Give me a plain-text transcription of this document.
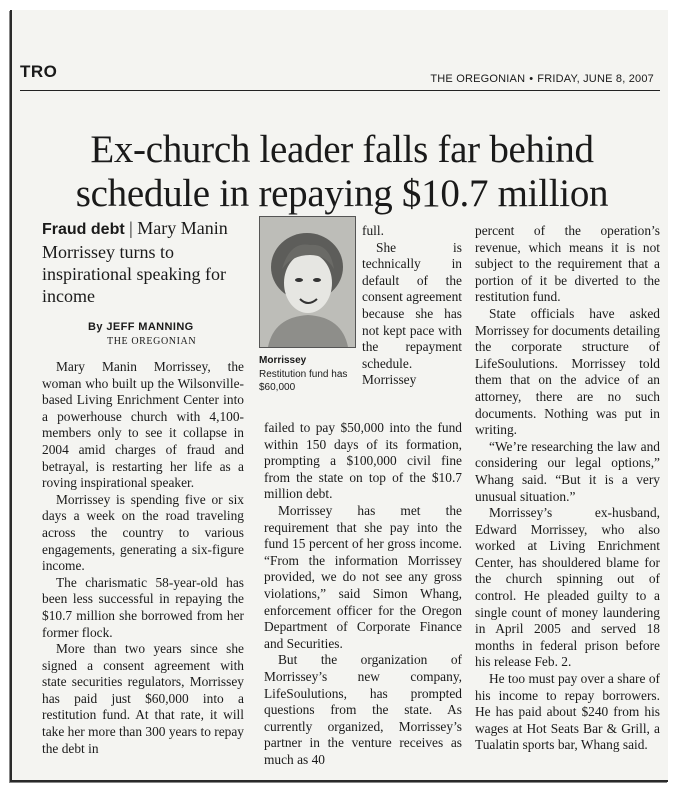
TRO	THE OREGONIAN • FRIDAY, JUNE 8, 2007
Ex-church leader falls far behind schedule in repaying $10.7 million
Fraud debt | Mary Manin Morrissey turns to inspirational speaking for income
By JEFF MANNING
THE OREGONIAN
Morrissey
Restitution fund has $60,000

Mary Manin Morrissey, the woman who built up the Wilsonville-based Living Enrichment Center into a powerhouse church with 4,100-members only to see it collapse in 2004 amid charges of fraud and betrayal, is restarting her life as a roving inspirational speaker.

Morrissey is spending five or six days a week on the road traveling across the country to various engagements, generating a six-figure income.

The charismatic 58-year-old has been less successful in repaying the $10.7 million she borrowed from her former flock.

More than two years since she signed a consent agreement with state securities regulators, Morrissey has paid just $60,000 into a restitution fund. At that rate, it will take her more than 300 years to repay the debt in

full.

She is technically in default of the consent agreement because she has not kept pace with the repayment schedule. Morrissey

failed to pay $50,000 into the fund within 150 days of its formation, prompting a $100,000 civil fine from the state on top of the $10.7 million debt.

Morrissey has met the requirement that she pay into the fund 15 percent of her gross income. “From the information Morrissey provided, we do not see any gross violations,” said Simon Whang, enforcement officer for the Oregon Department of Corporate Finance and Securities.

But the organization of Morrissey’s new company, LifeSoulutions, has prompted questions from the state. As currently organized, Morrissey’s partner in the venture receives as much as 40

percent of the operation’s revenue, which means it is not subject to the requirement that a portion of it be diverted to the restitution fund.

State officials have asked Morrissey for documents detailing the corporate structure of LifeSoulutions. Morrissey told them that on the advice of an attorney, there are no such documents. Nothing was put in writing.

“We’re researching the law and considering our legal options,” Whang said. “But it is a very unusual situation.”

Morrissey’s ex-husband, Edward Morrissey, who also worked at Living Enrichment Center, has shouldered blame for the church spinning out of control. He pleaded guilty to a single count of money laundering in April 2005 and served 18 months in federal prison before his release Feb. 2.

He too must pay over a share of his income to repay borrowers. He has paid about $240 from his wages at Hot Seats Bar & Grill, a Tualatin sports bar, Whang said.
